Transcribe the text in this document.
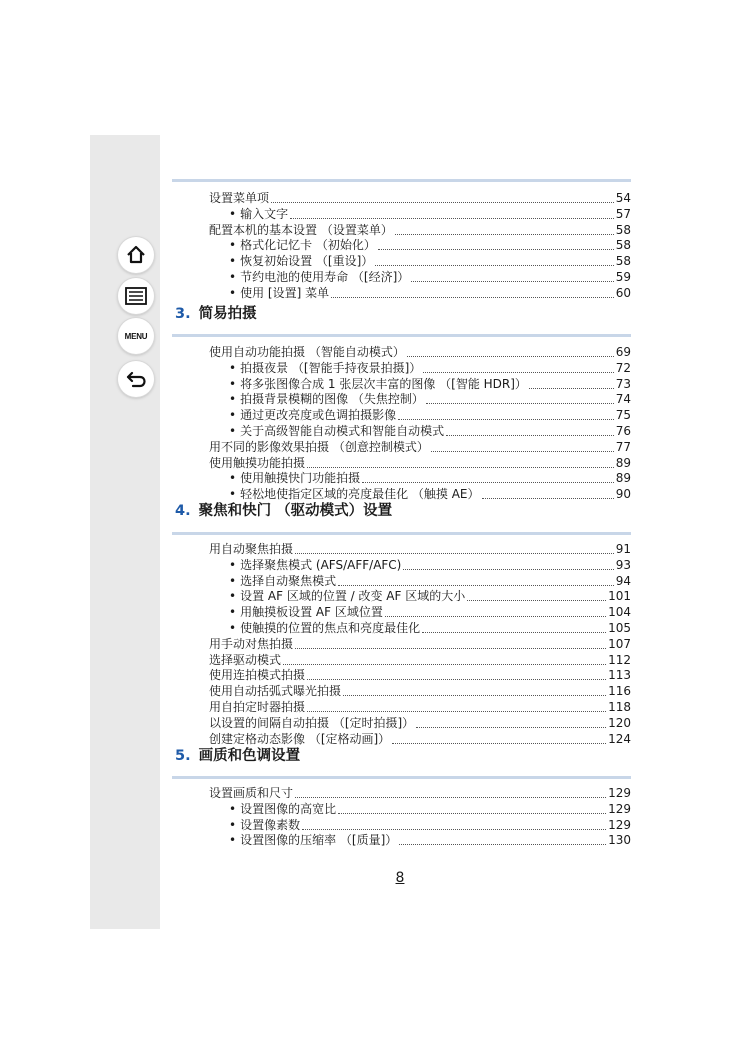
MENU
设置菜单项	54
• 输入文字	57
配置本机的基本设置 （设置菜单）	58
• 格式化记忆卡 （初始化）	58
• 恢复初始设置 （[重设]）	58
• 节约电池的使用寿命 （[经济]）	59
• 使用 [设置] 菜单	60
3. 简易拍摄
使用自动功能拍摄 （智能自动模式）	69
• 拍摄夜景 （[智能手持夜景拍摄]）	72
• 将多张图像合成 1 张层次丰富的图像 （[智能 HDR]）	73
• 拍摄背景模糊的图像 （失焦控制）	74
• 通过更改亮度或色调拍摄影像	75
• 关于高级智能自动模式和智能自动模式	76
用不同的影像效果拍摄 （创意控制模式）	77
使用触摸功能拍摄	89
• 使用触摸快门功能拍摄	89
• 轻松地使指定区域的亮度最佳化 （触摸 AE）	90
4. 聚焦和快门 （驱动模式）设置
用自动聚焦拍摄	91
• 选择聚焦模式 (AFS/AFF/AFC)	93
• 选择自动聚焦模式	94
• 设置 AF 区域的位置 / 改变 AF 区域的大小	101
• 用触摸板设置 AF 区域位置	104
• 使触摸的位置的焦点和亮度最佳化	105
用手动对焦拍摄	107
选择驱动模式	112
使用连拍模式拍摄	113
使用自动括弧式曝光拍摄	116
用自拍定时器拍摄	118
以设置的间隔自动拍摄 （[定时拍摄]）	120
创建定格动态影像 （[定格动画]）	124
5. 画质和色调设置
设置画质和尺寸	129
• 设置图像的高宽比	129
• 设置像素数	129
• 设置图像的压缩率 （[质量]）	130
8
